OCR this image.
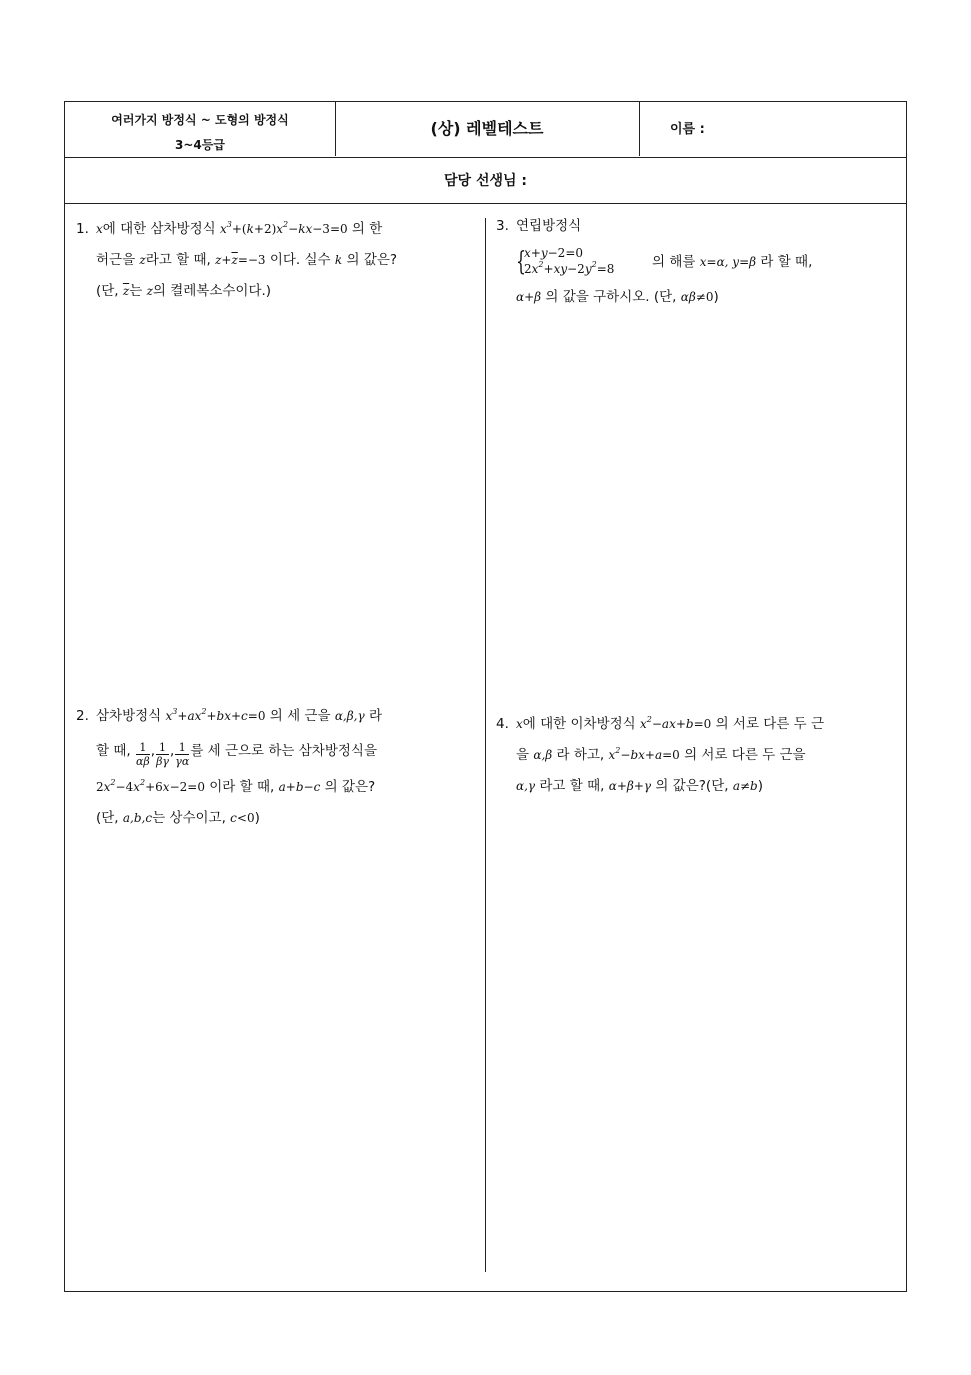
여러가지 방정식 ~ 도형의 방정식
3~4등급
(상) 레벨테스트	이름 :
담당 선생님 :
1. x에 대한 삼차방정식 $x^3+(k+2)x^2-kx-3=0$ 의 한
허근을 z라고 할 때, $z+\overline{z}=-3$ 이다. 실수 k 의 값은?
(단, $\overline{z}$는 z의 켤레복소수이다.)
2. 삼차방정식 $x^3+ax^2+bx+c=0$ 의 세 근을 α,β,γ 라
할 때, $\frac{1}{\alpha\beta}$ , $\frac{1}{\beta\gamma}$ , $\frac{1}{\gamma\alpha}$ 를 세 근으로 하는 삼차방정식을
$2x^2-4x^2+6x-2=0$ 이라 할 때, a+b−c 의 값은?
(단, a,b,c는 상수이고, c<0)
3. 연립방정식
{
x+y−2=0
$2x^2+xy-2y^2=8$	의 해를 x=α, y=β 라 할 때,
α+β 의 값을 구하시오. (단, αβ≠0)
4. x에 대한 이차방정식 $x^2-ax+b=0$ 의 서로 다른 두 근
을 α,β 라 하고, $x^2-bx+a=0$ 의 서로 다른 두 근을
α,γ 라고 할 때, α+β+γ 의 값은?(단, a≠b)
